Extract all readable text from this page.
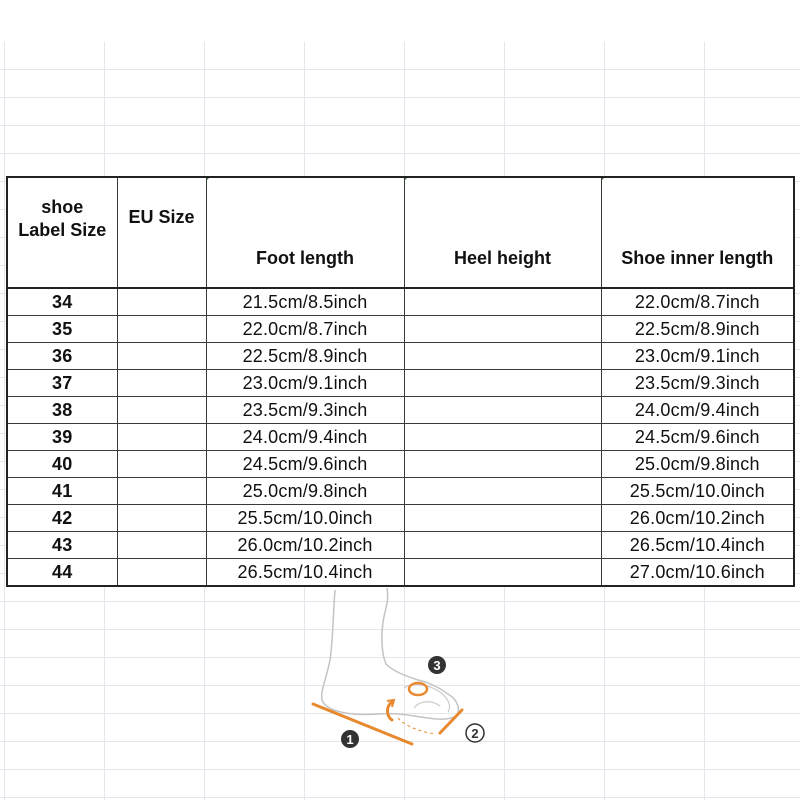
shoe
Label Size	EU Size	Foot length	Heel height	Shoe inner length
34		21.5cm/8.5inch		22.0cm/8.7inch
35		22.0cm/8.7inch		22.5cm/8.9inch
36		22.5cm/8.9inch		23.0cm/9.1inch
37		23.0cm/9.1inch		23.5cm/9.3inch
38		23.5cm/9.3inch		24.0cm/9.4inch
39		24.0cm/9.4inch		24.5cm/9.6inch
40		24.5cm/9.6inch		25.0cm/9.8inch
41		25.0cm/9.8inch		25.5cm/10.0inch
42		25.5cm/10.0inch		26.0cm/10.2inch
43		26.0cm/10.2inch		26.5cm/10.4inch
44		26.5cm/10.4inch		27.0cm/10.6inch
1	2
3
